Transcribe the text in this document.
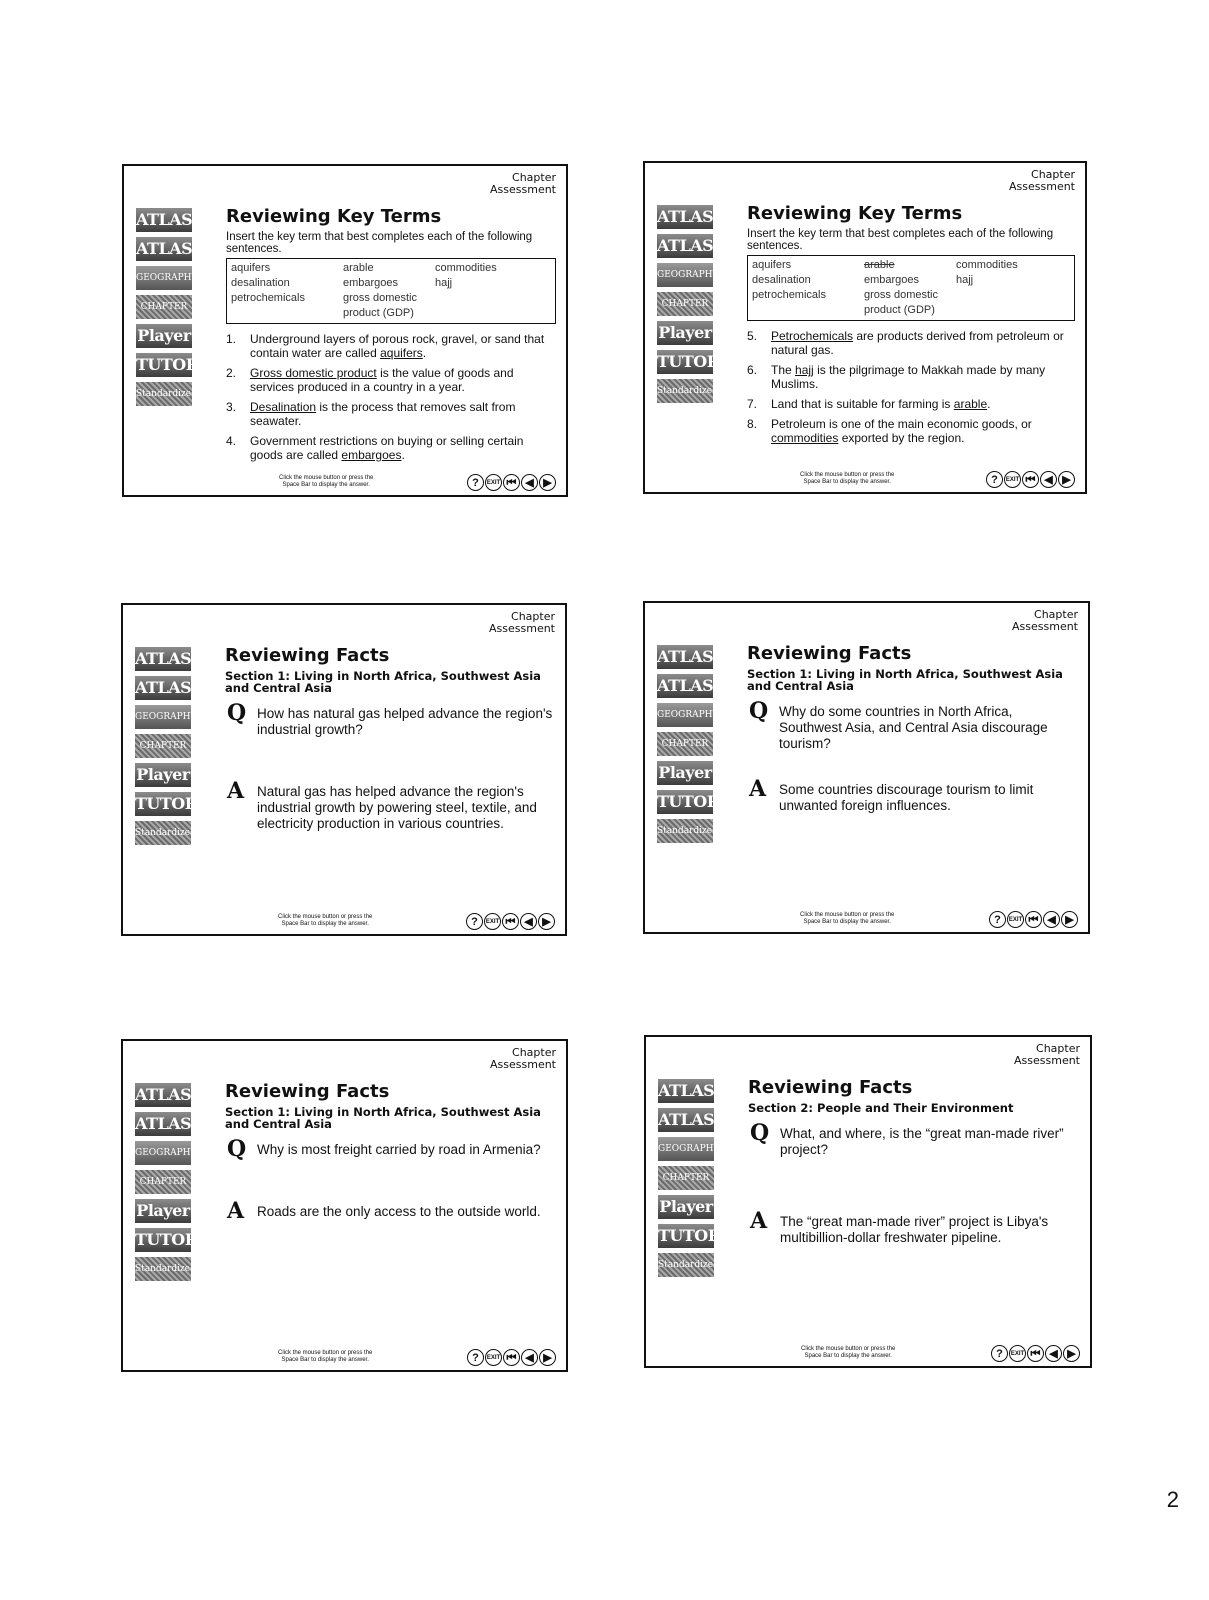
Chapter
Assessment
ATLAS
ATLAS
GEOGRAPHY
CHAPTER
Player
TUTOR
Standardized
Reviewing Key Terms
Insert the key term that best completes each of the following sentences.
aquifers	arable	commodities
desalination	embargoes	hajj
petrochemicals	gross domestic product (GDP)
1. Underground layers of porous rock, gravel, or sand that contain water are called aquifers.
2. Gross domestic product is the value of goods and services produced in a country in a year.
3. Desalination is the process that removes salt from seawater.
4. Government restrictions on buying or selling certain goods are called embargoes.
Click the mouse button or press the
Space Bar to display the answer.	?	EXIT ⏮ ◀ ▶
Chapter
Assessment
ATLAS
ATLAS
GEOGRAPHY
CHAPTER
Player
TUTOR
Standardized
Reviewing Key Terms
Insert the key term that best completes each of the following sentences.
aquifers	arable	commodities
desalination	embargoes	hajj
petrochemicals	gross domestic product (GDP)
5. Petrochemicals are products derived from petroleum or natural gas.
6. The hajj is the pilgrimage to Makkah made by many Muslims.
7. Land that is suitable for farming is arable.
8. Petroleum is one of the main economic goods, or commodities exported by the region.
Click the mouse button or press the
Space Bar to display the answer.	?	EXIT ⏮ ◀ ▶
Chapter
Assessment
ATLAS
ATLAS
GEOGRAPHY
CHAPTER
Player
TUTOR
Standardized
Reviewing Facts
Section 1: Living in North Africa, Southwest Asia and Central Asia
Q How has natural gas helped advance the region's industrial growth?
A Natural gas has helped advance the region's industrial growth by powering steel, textile, and electricity production in various countries.
Click the mouse button or press the
Space Bar to display the answer.	?	EXIT ⏮ ◀ ▶
Chapter
Assessment
ATLAS
ATLAS
GEOGRAPHY
CHAPTER
Player
TUTOR
Standardized
Reviewing Facts
Section 1: Living in North Africa, Southwest Asia and Central Asia
Q Why do some countries in North Africa, Southwest Asia, and Central Asia discourage tourism?
A Some countries discourage tourism to limit unwanted foreign influences.
Click the mouse button or press the
Space Bar to display the answer.	?	EXIT ⏮ ◀ ▶
Chapter
Assessment
ATLAS
ATLAS
GEOGRAPHY
CHAPTER
Player
TUTOR
Standardized
Reviewing Facts
Section 1: Living in North Africa, Southwest Asia and Central Asia
Q Why is most freight carried by road in Armenia?
A Roads are the only access to the outside world.
Click the mouse button or press the
Space Bar to display the answer.	?	EXIT ⏮ ◀ ▶
Chapter
Assessment
ATLAS
ATLAS
GEOGRAPHY
CHAPTER
Player
TUTOR
Standardized
Reviewing Facts
Section 2: People and Their Environment
Q What, and where, is the “great man-made river” project?
A The “great man-made river” project is Libya's multibillion-dollar freshwater pipeline.
Click the mouse button or press the
Space Bar to display the answer.	?	EXIT ⏮ ◀ ▶
2
